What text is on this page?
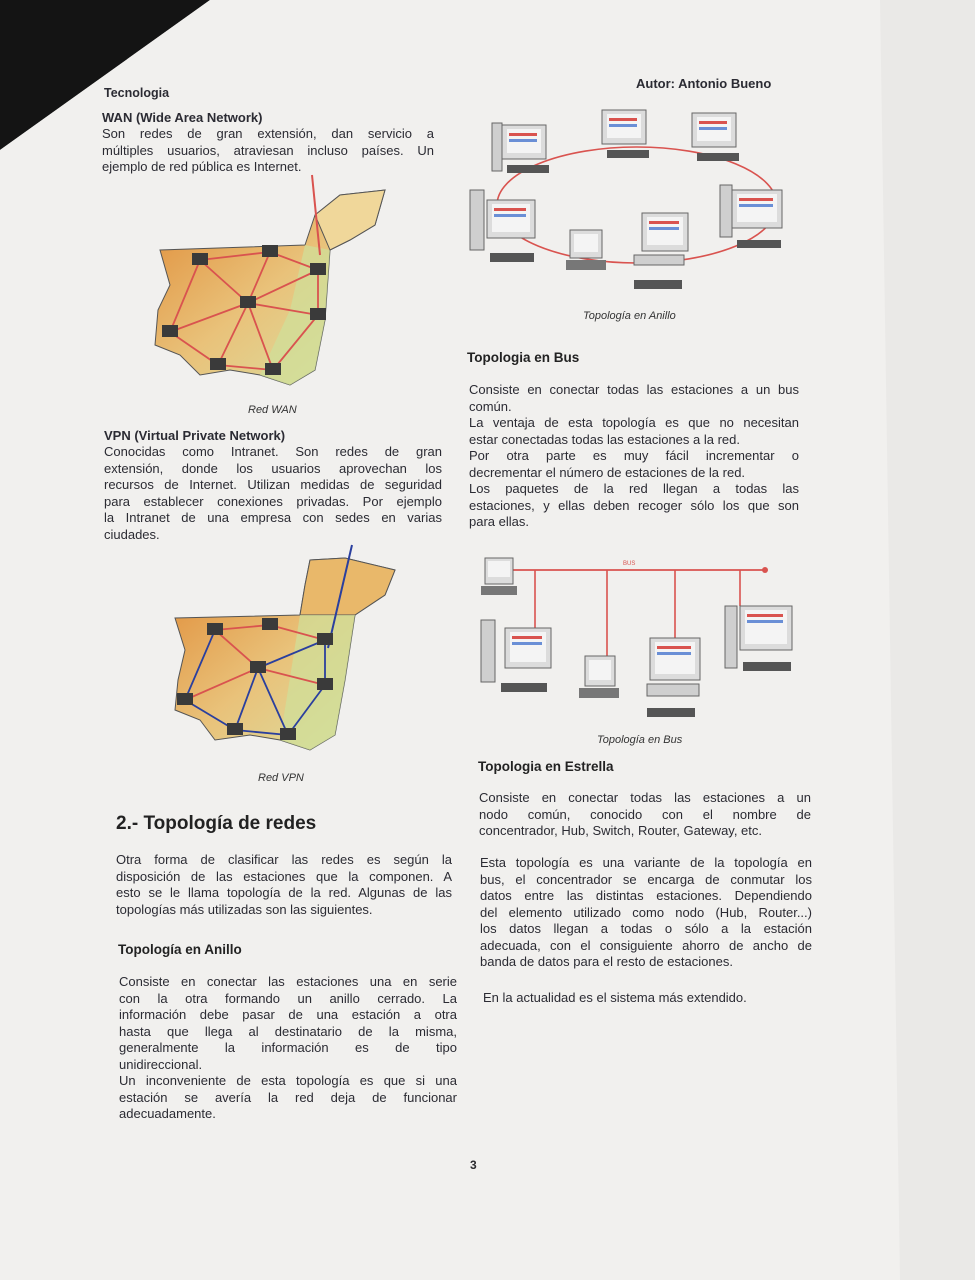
Tecnologia
Autor: Antonio Bueno
WAN (Wide Area Network)
Son redes de gran extensión, dan servicio a
múltiples usuarios, atraviesan incluso países. Un
ejemplo de red pública es Internet.
Red WAN
VPN (Virtual Private Network)
Conocidas como Intranet. Son redes de gran
extensión, donde los usuarios aprovechan los
recursos de Internet. Utilizan medidas de seguridad
para establecer conexiones privadas. Por ejemplo
la Intranet de una empresa con sedes en varias
ciudades.
Red VPN
2.- Topología de redes
Otra forma de clasificar las redes es según la
disposición de las estaciones que la componen. A
esto se le llama topología de la red. Algunas de las
topologías más utilizadas son las siguientes.
Topología en Anillo
Consiste en conectar las estaciones una en serie
con la otra formando un anillo cerrado. La
información debe pasar de una estación a otra
hasta que llega al destinatario de la misma,
generalmente la información es de tipo
unidireccional.
Un inconveniente de esta topología es que si una
estación se avería la red deja de funcionar
adecuadamente.
3
Topología en Anillo
Topologia en Bus
Consiste en conectar todas las estaciones a un bus
común.
La ventaja de esta topología es que no necesitan
estar conectadas todas las estaciones a la red.
Por otra parte es muy fácil incrementar o
decrementar el número de estaciones de la red.
Los paquetes de la red llegan a todas las
estaciones, y ellas deben recoger sólo los que son
para ellas.
BUS
Topología en Bus
Topologia en Estrella
Consiste en conectar todas las estaciones a un
nodo común, conocido con el nombre de
concentrador, Hub, Switch, Router, Gateway, etc.
Esta topología es una variante de la topología en
bus, el concentrador se encarga de conmutar los
datos entre las distintas estaciones. Dependiendo
del elemento utilizado como nodo (Hub, Router...)
los datos llegan a todas o sólo a la estación
adecuada, con el consiguiente ahorro de ancho de
banda de datos para el resto de estaciones.
En la actualidad es el sistema más extendido.
